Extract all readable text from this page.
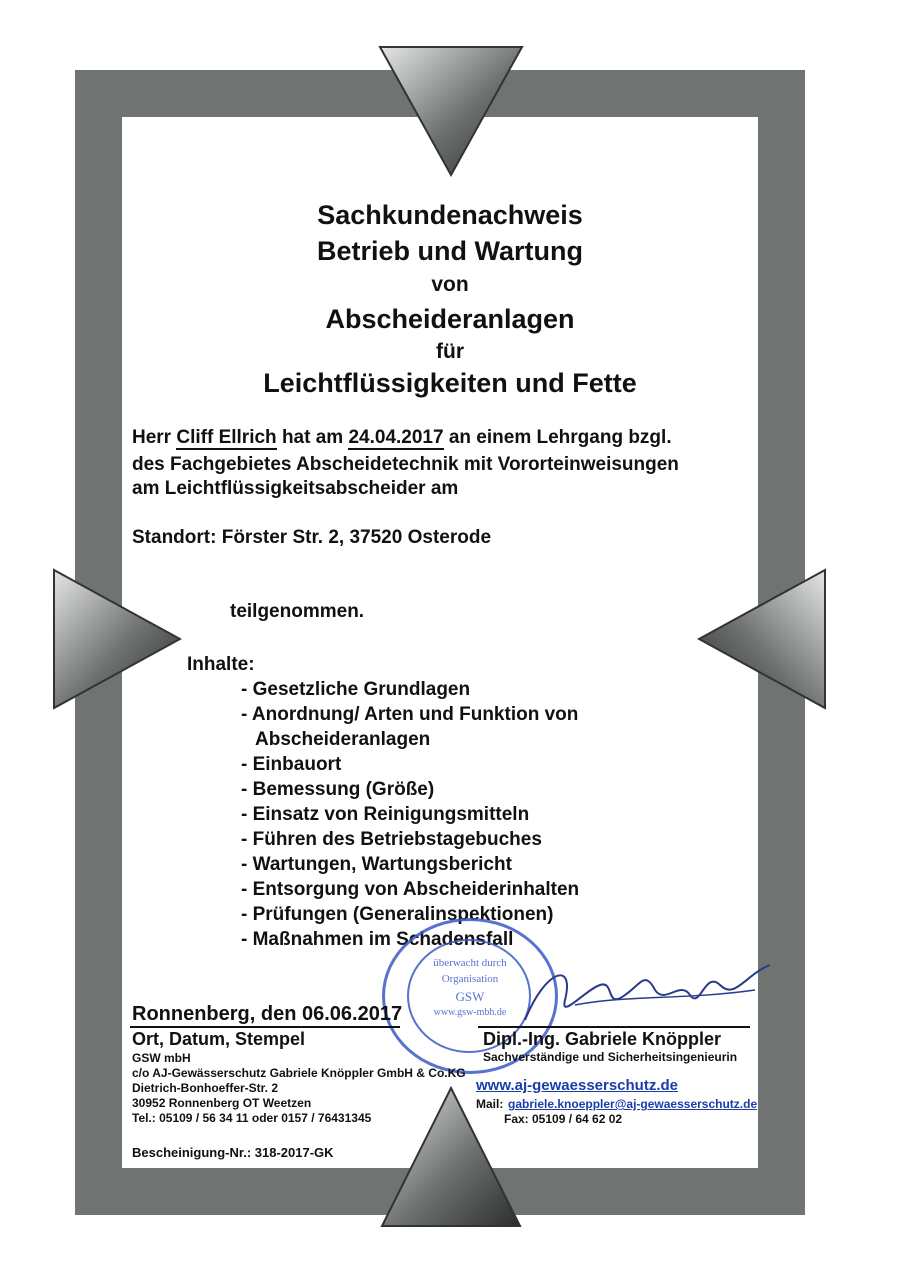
Sachkundenachweis
Betrieb und Wartung
von
Abscheideranlagen
für
Leichtflüssigkeiten und Fette
Herr Cliff Ellrich hat am 24.04.2017 an einem Lehrgang bzgl.
des Fachgebietes Abscheidetechnik mit Vororteinweisungen
am Leichtflüssigkeitsabscheider am
Standort: Förster Str. 2, 37520 Osterode
teilgenommen.
Inhalte:
- Gesetzliche Grundlagen
- Anordnung/ Arten und Funktion von
Abscheideranlagen
- Einbauort
- Bemessung (Größe)
- Einsatz von Reinigungsmitteln
- Führen des Betriebstagebuches
- Wartungen, Wartungsbericht
- Entsorgung von Abscheiderinhalten
- Prüfungen (Generalinspektionen)
- Maßnahmen im Schadensfall
überwacht durch
Organisation
GSW
www.gsw-mbh.de
Ronnenberg, den 06.06.2017
Ort, Datum, Stempel	Dipl.-Ing. Gabriele Knöppler
Sachverständige und Sicherheitsingenieurin
GSW mbH
c/o AJ-Gewässerschutz Gabriele Knöppler GmbH & Co.KG
Dietrich-Bonhoeffer-Str. 2
30952 Ronnenberg OT Weetzen
Tel.: 05109 / 56 34 11 oder 0157 / 76431345
www.aj-gewaesserschutz.de
Mail: gabriele.knoeppler@aj-gewaesserschutz.de
Fax: 05109 / 64 62 02
Bescheinigung-Nr.: 318-2017-GK
